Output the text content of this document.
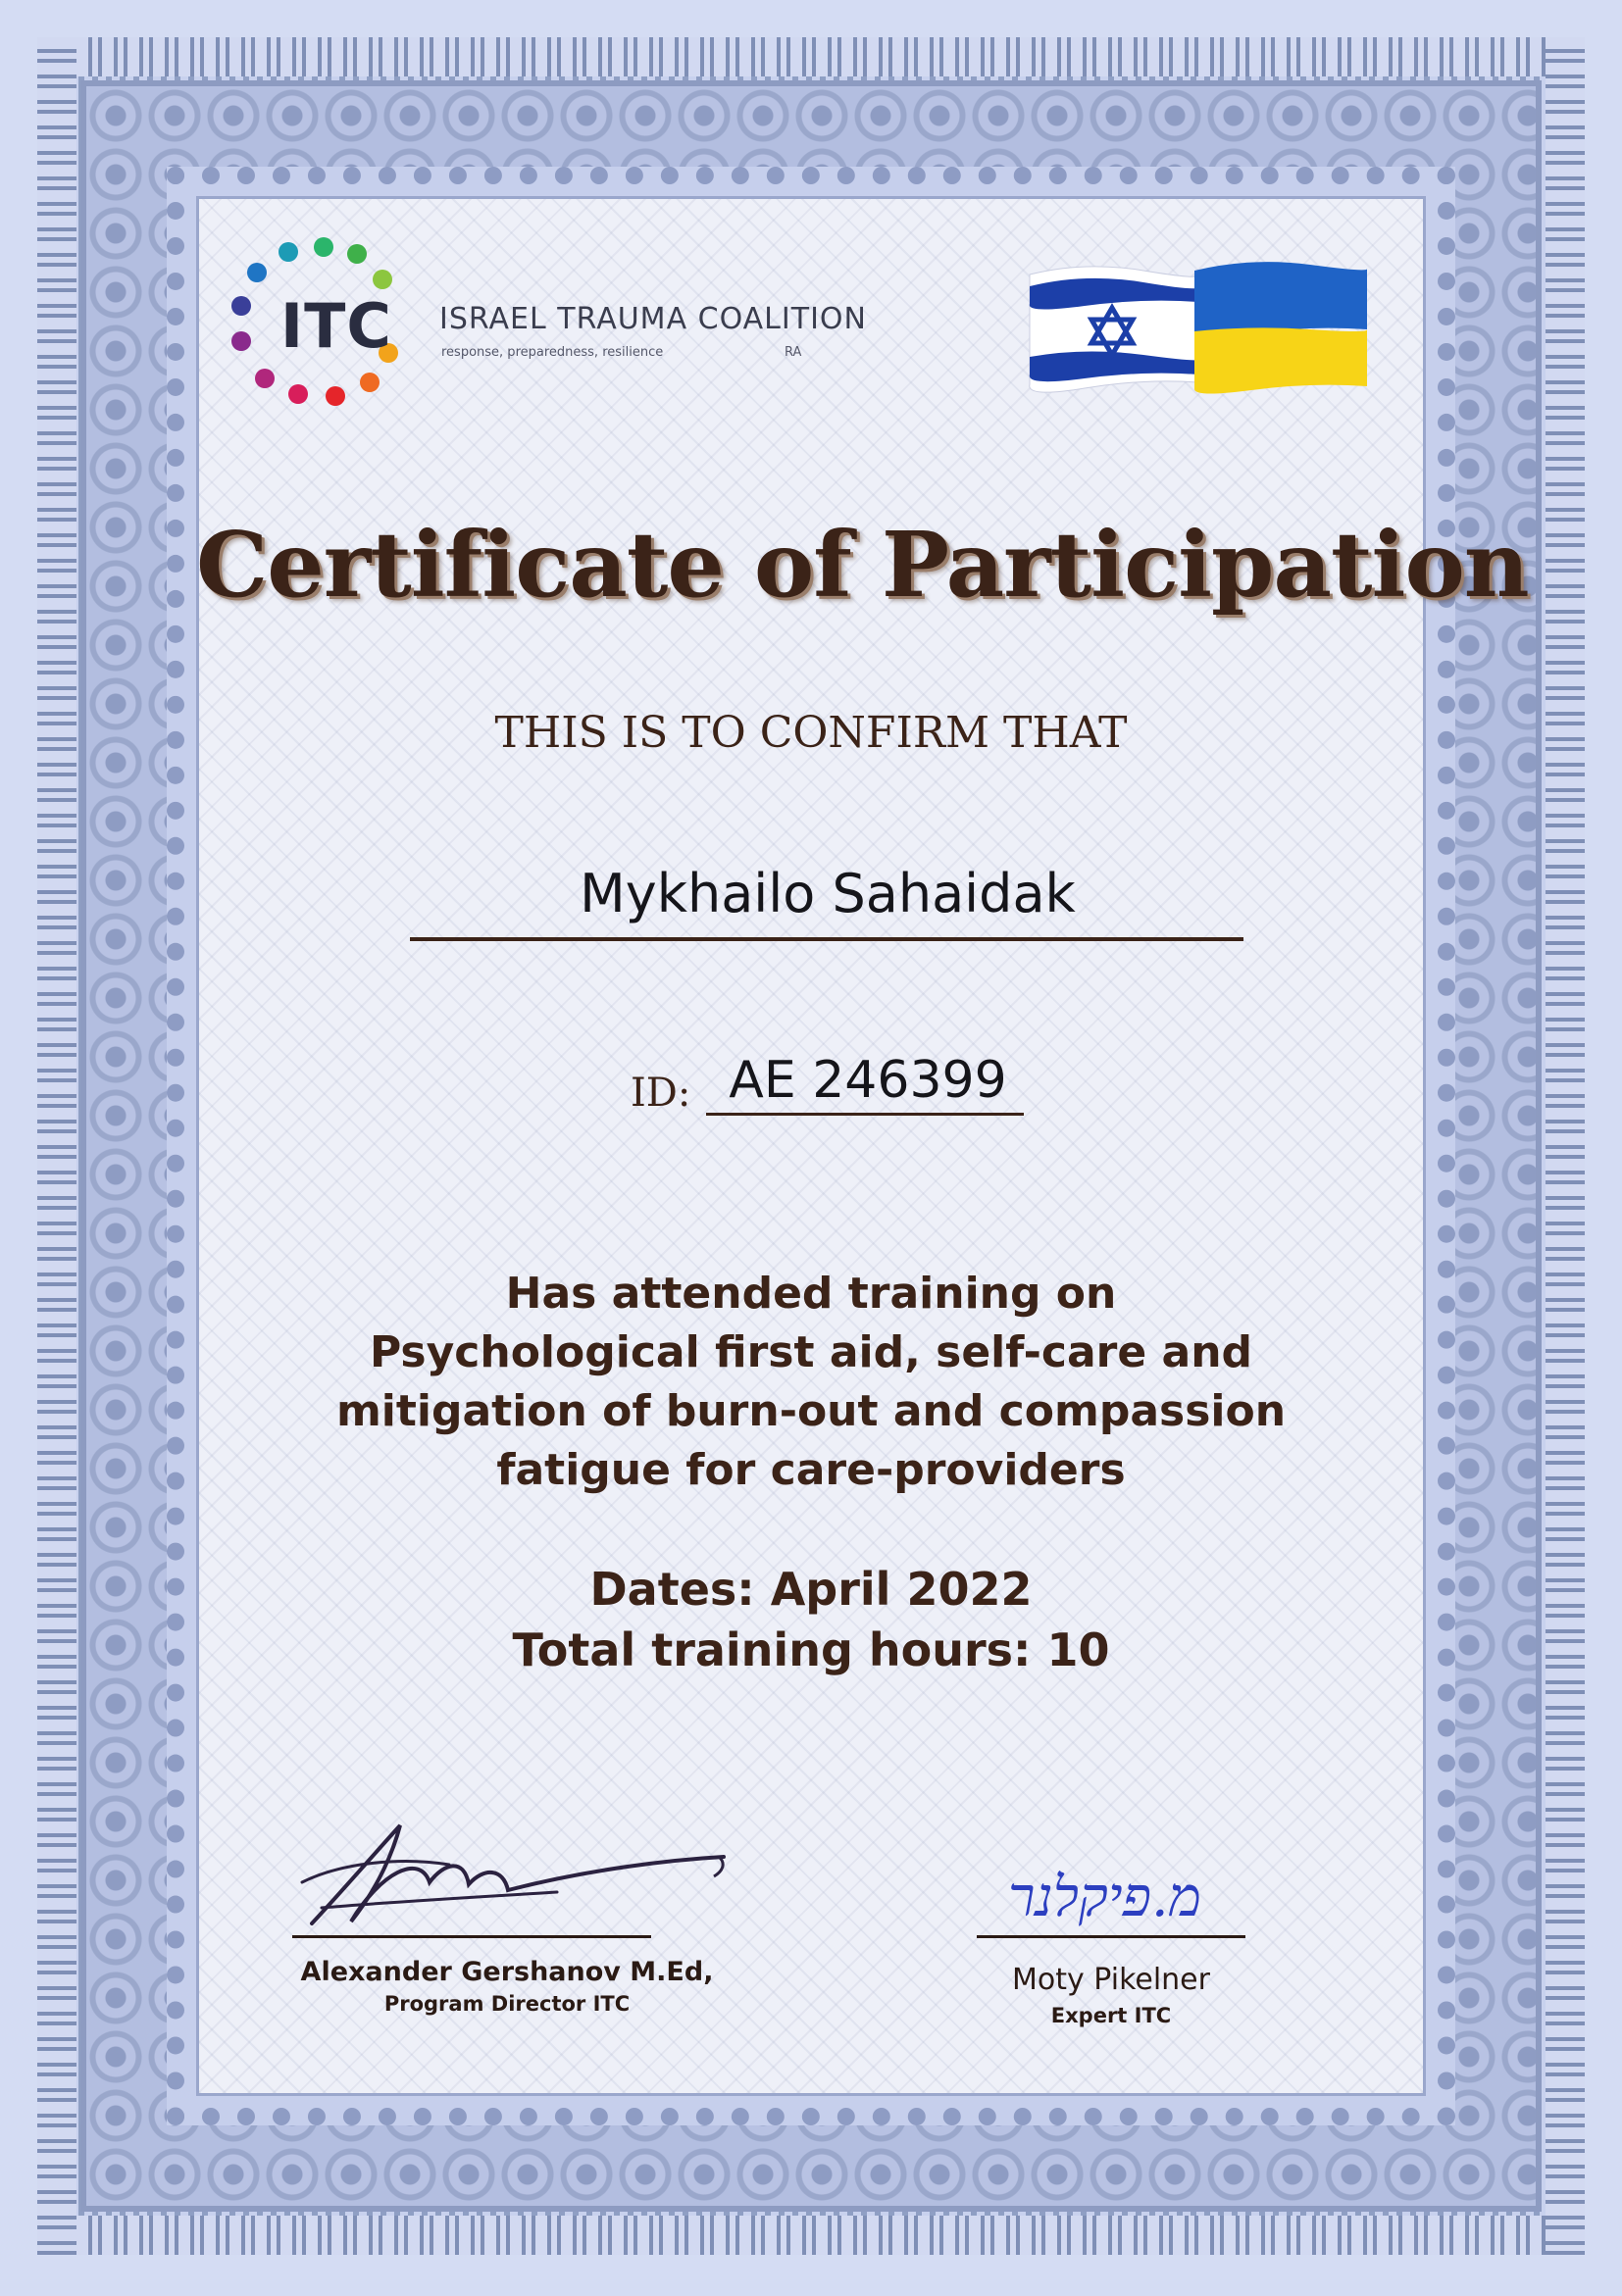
ITC ISRAEL TRAUMA COALITION
response, preparedness, resilience	RA
Certificate of Participation
THIS IS TO CONFIRM THAT
Mykhailo Sahaidak
ID: AE 246399
Has attended training on
Psychological first aid, self-care and
mitigation of burn-out and compassion
fatigue for care-providers
Dates: April 2022
Total training hours: 10
Alexander Gershanov M.Ed,
Program Director ITC
מ.פיקלנר
Moty Pikelner
Expert ITC
